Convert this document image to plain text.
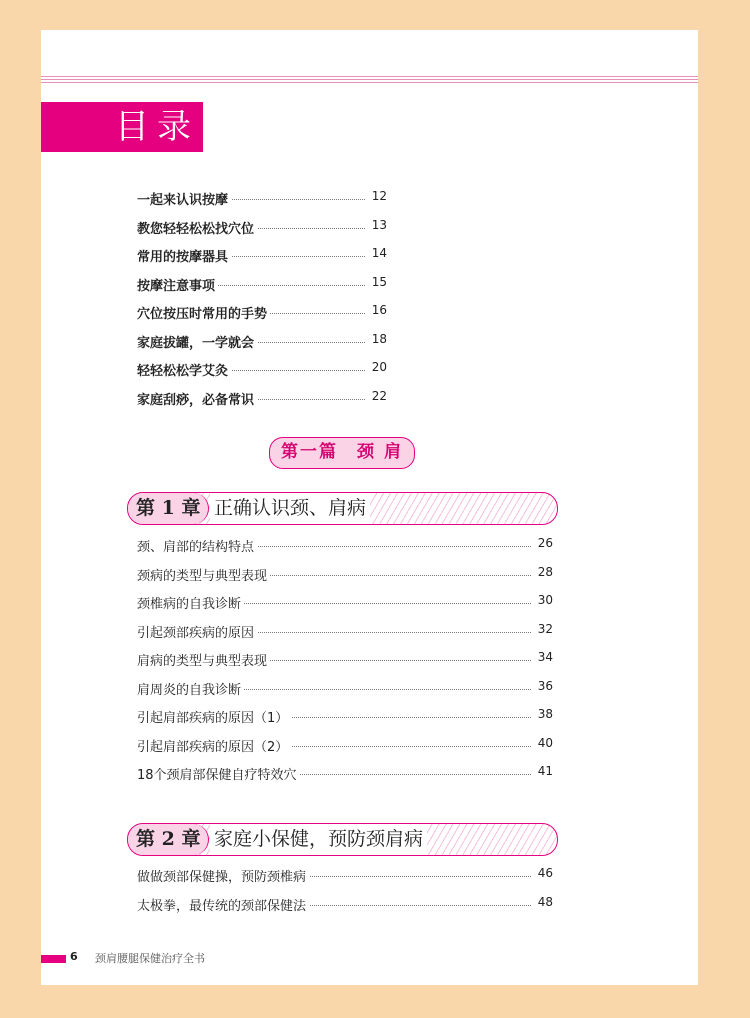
目录
一起来认识按摩	12
教您轻轻松松找穴位	13
常用的按摩器具	14
按摩注意事项	15
穴位按压时常用的手势	16
家庭拔罐，一学就会	18
轻轻松松学艾灸	20
家庭刮痧，必备常识	22
第一篇　颈 肩
第 1 章 正确认识颈、肩病
颈、肩部的结构特点	26
颈病的类型与典型表现	28
颈椎病的自我诊断	30
引起颈部疾病的原因	32
肩病的类型与典型表现	34
肩周炎的自我诊断	36
引起肩部疾病的原因（1）	38
引起肩部疾病的原因（2）	40
18个颈肩部保健自疗特效穴	41
第 2 章 家庭小保健，预防颈肩病
做做颈部保健操，预防颈椎病	46
太极拳，最传统的颈部保健法	48
6 颈肩腰腿保健治疗全书
